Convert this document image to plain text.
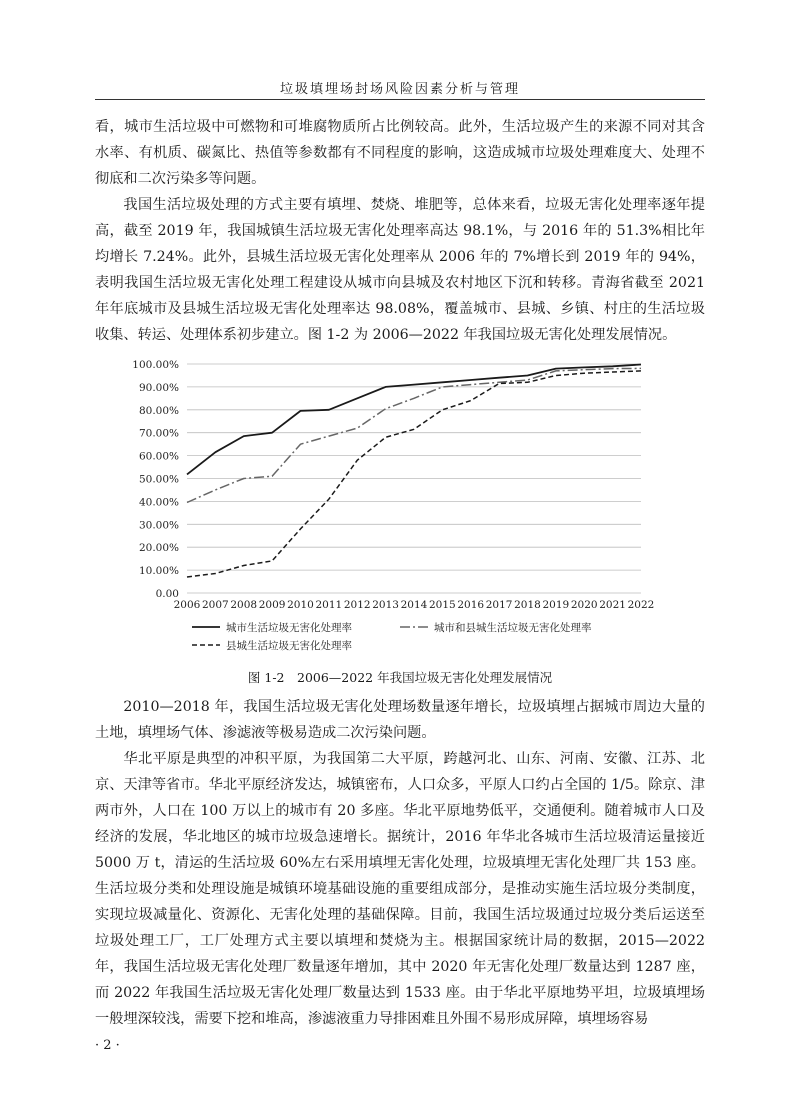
垃圾填埋场封场风险因素分析与管理

看，城市生活垃圾中可燃物和可堆腐物质所占比例较高。此外，生活垃圾产生的来源不同对其含水率、有机质、碳氮比、热值等参数都有不同程度的影响，这造成城市垃圾处理难度大、处理不彻底和二次污染多等问题。

我国生活垃圾处理的方式主要有填埋、焚烧、堆肥等，总体来看，垃圾无害化处理率逐年提高，截至 2019 年，我国城镇生活垃圾无害化处理率高达 98.1%，与 2016 年的 51.3%相比年均增长 7.24%。此外，县城生活垃圾无害化处理率从 2006 年的 7%增长到 2019 年的 94%，表明我国生活垃圾无害化处理工程建设从城市向县城及农村地区下沉和转移。青海省截至 2021 年年底城市及县城生活垃圾无害化处理率达 98.08%，覆盖城市、县城、乡镇、村庄的生活垃圾收集、转运、处理体系初步建立。图 1-2 为 2006—2022 年我国垃圾无害化处理发展情况。

0.00
10.00%
20.00%
30.00%
40.00%
50.00%
60.00%
70.00%
80.00%
90.00%
100.00%
2006 2007 2008 2009 2010 2011 2012 2013 2014 2015 2016 2017 2018 2019 2020 2021 2022
城市生活垃圾无害化处理率	城市和县城生活垃圾无害化处理率
县城生活垃圾无害化处理率
图 1-2　2006—2022 年我国垃圾无害化处理发展情况

2010—2018 年，我国生活垃圾无害化处理场数量逐年增长，垃圾填埋占据城市周边大量的土地，填埋场气体、渗滤液等极易造成二次污染问题。

华北平原是典型的冲积平原，为我国第二大平原，跨越河北、山东、河南、安徽、江苏、北京、天津等省市。华北平原经济发达，城镇密布，人口众多，平原人口约占全国的 1/5。除京、津两市外，人口在 100 万以上的城市有 20 多座。华北平原地势低平，交通便利。随着城市人口及经济的发展，华北地区的城市垃圾急速增长。据统计，2016 年华北各城市生活垃圾清运量接近 5000 万 t，清运的生活垃圾 60%左右采用填埋无害化处理，垃圾填埋无害化处理厂共 153 座。生活垃圾分类和处理设施是城镇环境基础设施的重要组成部分，是推动实施生活垃圾分类制度，实现垃圾减量化、资源化、无害化处理的基础保障。目前，我国生活垃圾通过垃圾分类后运送至垃圾处理工厂，工厂处理方式主要以填埋和焚烧为主。根据国家统计局的数据，2015—2022 年，我国生活垃圾无害化处理厂数量逐年增加，其中 2020 年无害化处理厂数量达到 1287 座，而 2022 年我国生活垃圾无害化处理厂数量达到 1533 座。由于华北平原地势平坦，垃圾填埋场一般埋深较浅，需要下挖和堆高，渗滤液重力导排困难且外围不易形成屏障，填埋场容易

· 2 ·
